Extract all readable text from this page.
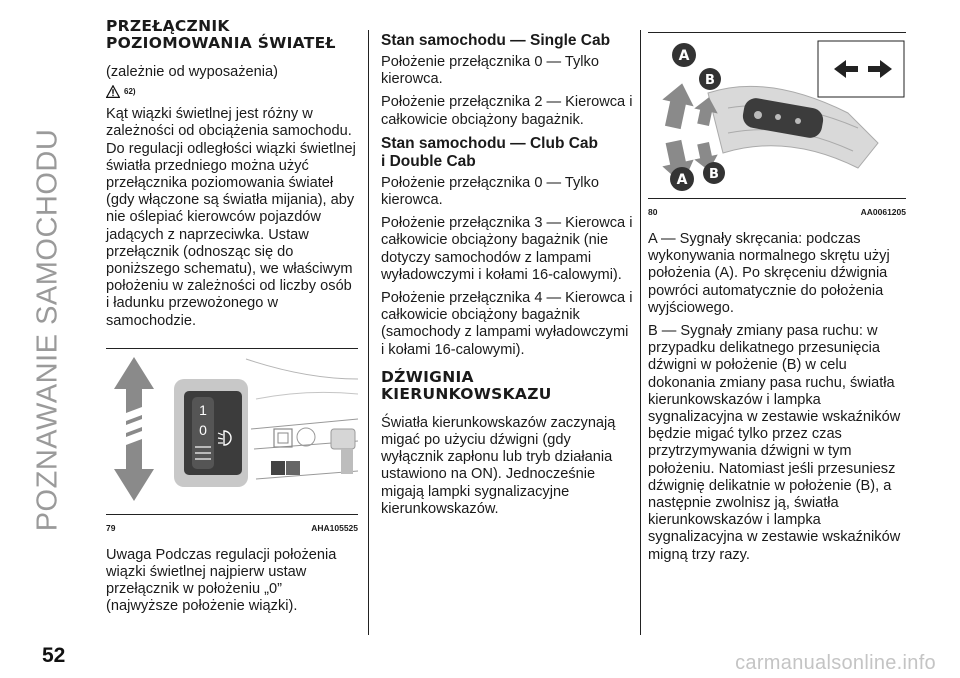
POZNAWANIE SAMOCHODU
PRZEŁĄCZNIK
POZIOMOWANIA ŚWIATEŁ

(zależnie od wyposażenia)

62)

Kąt wiązki świetlnej jest różny w zależności od obciążenia samochodu. Do regulacji odległości wiązki świetlnej światła przedniego można użyć przełącznika poziomowania świateł (gdy włączone są światła mijania), aby nie oślepiać kierowców pojazdów jadących z naprzeciwka. Ustaw przełącznik (odnosząc się do poniższego schematu), we właściwym położeniu w zależności od liczby osób i ładunku przewożonego w samochodzie.

1
0
79	AHA105525

Uwaga Podczas regulacji położenia wiązki świetlnej najpierw ustaw przełącznik w położeniu „0” (najwyższe położenie wiązki).

Stan samochodu — Single Cab

Położenie przełącznika 0 — Tylko kierowca.

Położenie przełącznika 2 — Kierowca i całkowicie obciążony bagażnik.

Stan samochodu — Club Cab
i Double Cab

Położenie przełącznika 0 — Tylko kierowca.

Położenie przełącznika 3 — Kierowca i całkowicie obciążony bagażnik (nie dotyczy samochodów z lampami wyładowczymi i kołami 16-calowymi).

Położenie przełącznika 4 — Kierowca i całkowicie obciążony bagażnik (samochody z lampami wyładowczymi i kołami 16-calowymi).

DŹWIGNIA
KIERUNKOWSKAZU

Światła kierunkowskazów zaczynają migać po użyciu dźwigni (gdy wyłącznik zapłonu lub tryb działania ustawiono na ON). Jednocześnie migają lampki sygnalizacyjne kierunkowskazów.

A
B
A B
80	AA0061205

A — Sygnały skręcania: podczas wykonywania normalnego skrętu użyj położenia (A). Po skręceniu dźwignia powróci automatycznie do położenia wyjściowego.

B — Sygnały zmiany pasa ruchu: w przypadku delikatnego przesunięcia dźwigni w położenie (B) w celu dokonania zmiany pasa ruchu, światła kierunkowskazów i lampka sygnalizacyjna w zestawie wskaźników będzie migać tylko przez czas przytrzymywania dźwigni w tym położeniu. Natomiast jeśli przesuniesz dźwignię delikatnie w położenie (B), a następnie zwolnisz ją, światła kierunkowskazów i lampka sygnalizacyjna w zestawie wskaźników migną trzy razy.

52	carmanualsonline.info
